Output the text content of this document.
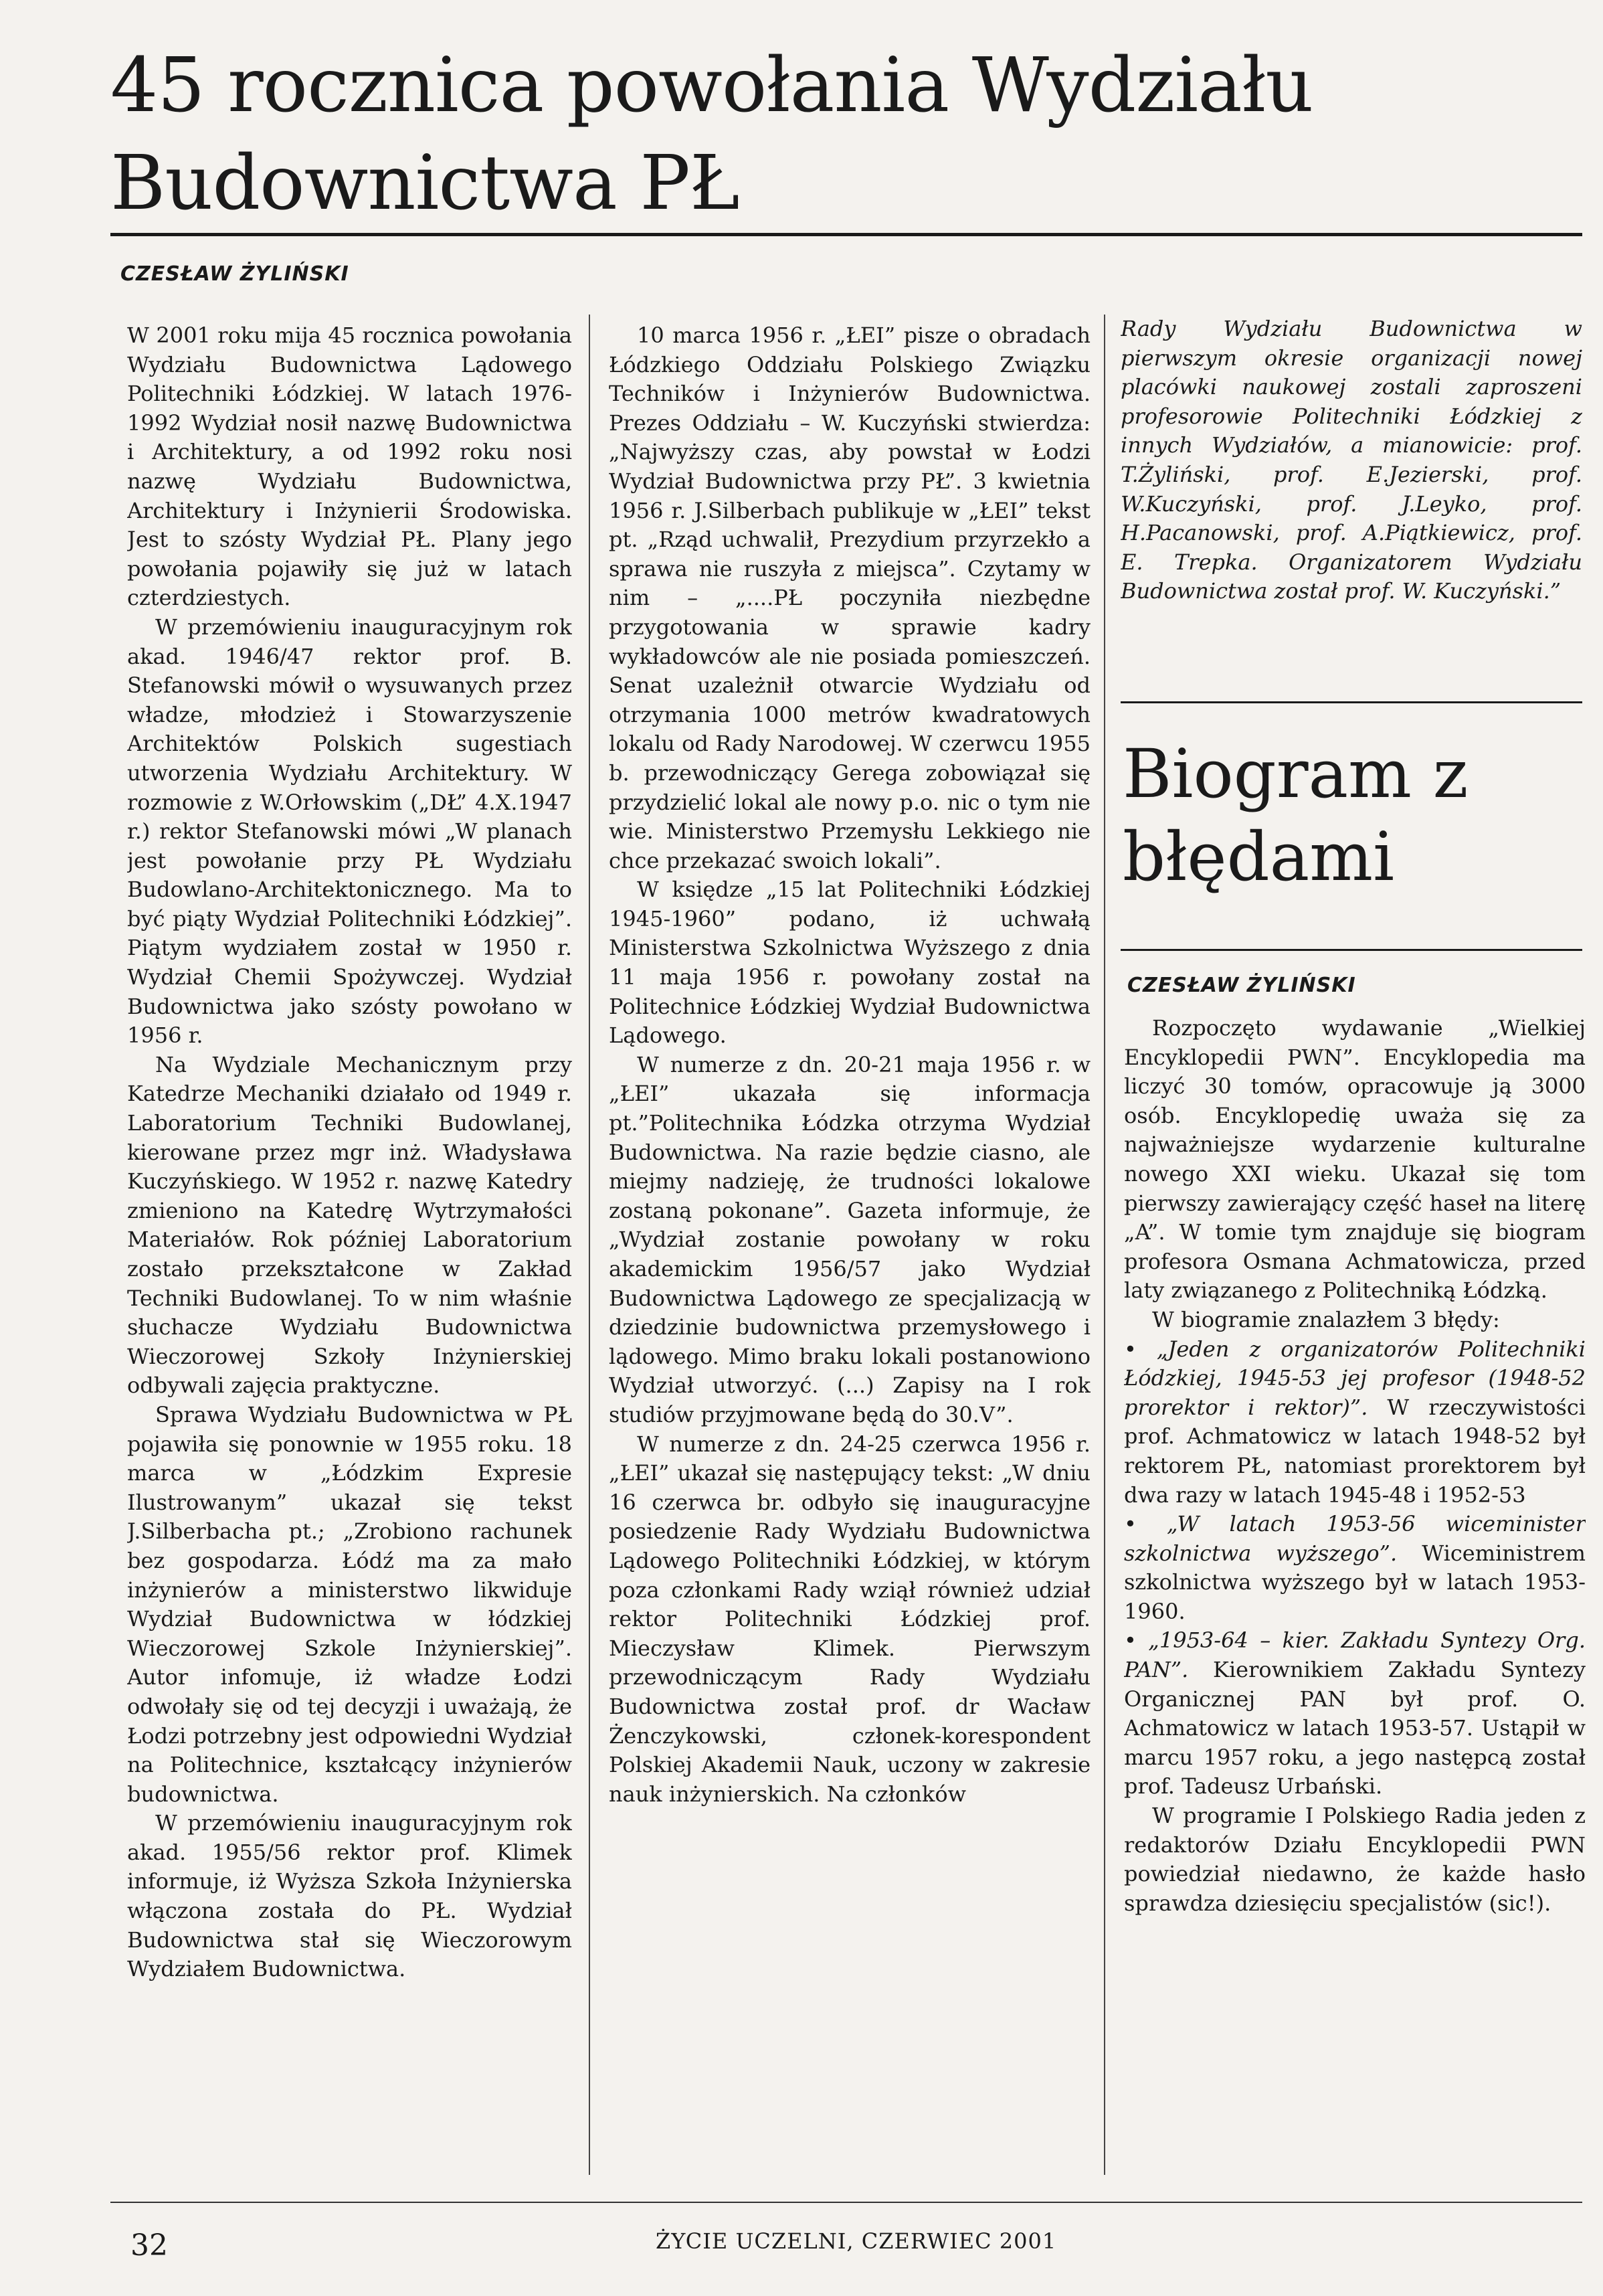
45 rocznica powołania Wydziału Budownictwa PŁ
CZESŁAW ŻYLIŃSKI

W 2001 roku mija 45 rocznica powołania Wydziału Budownictwa Lądowego Politechniki Łódzkiej. W latach 1976-1992 Wydział nosił nazwę Budownictwa i Architektury, a od 1992 roku nosi nazwę Wydziału Budownictwa, Architektury i Inżynierii Środowiska. Jest to szósty Wydział PŁ. Plany jego powołania pojawiły się już w latach czterdziestych.

W przemówieniu inauguracyjnym rok akad. 1946/47 rektor prof. B. Stefanowski mówił o wysuwanych przez władze, młodzież i Stowarzyszenie Architektów Polskich sugestiach utworzenia Wydziału Architektury. W rozmowie z W.Orłowskim („DŁ” 4.X.1947 r.) rektor Stefanowski mówi „W planach jest powołanie przy PŁ Wydziału Budowlano-Architektonicznego. Ma to być piąty Wydział Politechniki Łódzkiej”. Piątym wydziałem został w 1950 r. Wydział Chemii Spożywczej. Wydział Budownictwa jako szósty powołano w 1956 r.

Na Wydziale Mechanicznym przy Katedrze Mechaniki działało od 1949 r. Laboratorium Techniki Budowlanej, kierowane przez mgr inż. Władysława Kuczyńskiego. W 1952 r. nazwę Katedry zmieniono na Katedrę Wytrzymałości Materiałów. Rok później Laboratorium zostało przekształcone w Zakład Techniki Budowlanej. To w nim właśnie słuchacze Wydziału Budownictwa Wieczorowej Szkoły Inżynierskiej odbywali zajęcia praktyczne.

Sprawa Wydziału Budownictwa w PŁ pojawiła się ponownie w 1955 roku. 18 marca w „Łódzkim Expresie Ilustrowanym” ukazał się tekst J.Silberbacha pt.; „Zrobiono rachunek bez gospodarza. Łódź ma za mało inżynierów a ministerstwo likwiduje Wydział Budownictwa w łódzkiej Wieczorowej Szkole Inżynierskiej”. Autor infomuje, iż władze Łodzi odwołały się od tej decyzji i uważają, że Łodzi potrzebny jest odpowiedni Wydział na Politechnice, kształcący inżynierów budownictwa.

W przemówieniu inauguracyjnym rok akad. 1955/56 rektor prof. Klimek informuje, iż Wyższa Szkoła Inżynierska włączona została do PŁ. Wydział Budownictwa stał się Wieczorowym Wydziałem Budownictwa.

10 marca 1956 r. „ŁEI” pisze o obradach Łódzkiego Oddziału Polskiego Związku Techników i Inżynierów Budownictwa. Prezes Oddziału – W. Kuczyński stwierdza: „Najwyższy czas, aby powstał w Łodzi Wydział Budownictwa przy PŁ”. 3 kwietnia 1956 r. J.Silberbach publikuje w „ŁEI” tekst pt. „Rząd uchwalił, Prezydium przyrzekło a sprawa nie ruszyła z miejsca”. Czytamy w nim – „....PŁ poczyniła niezbędne przygotowania w sprawie kadry wykładowców ale nie posiada pomieszczeń. Senat uzależnił otwarcie Wydziału od otrzymania 1000 metrów kwadratowych lokalu od Rady Narodowej. W czerwcu 1955 b. przewodniczący Gerega zobowiązał się przydzielić lokal ale nowy p.o. nic o tym nie wie. Ministerstwo Przemysłu Lekkiego nie chce przekazać swoich lokali”.

W księdze „15 lat Politechniki Łódzkiej 1945-1960” podano, iż uchwałą Ministerstwa Szkolnictwa Wyższego z dnia 11 maja 1956 r. powołany został na Politechnice Łódzkiej Wydział Budownictwa Lądowego.

W numerze z dn. 20-21 maja 1956 r. w „ŁEI” ukazała się informacja pt.”Politechnika Łódzka otrzyma Wydział Budownictwa. Na razie będzie ciasno, ale miejmy nadzieję, że trudności lokalowe zostaną pokonane”. Gazeta informuje, że „Wydział zostanie powołany w roku akademickim 1956/57 jako Wydział Budownictwa Lądowego ze specjalizacją w dziedzinie budownictwa przemysłowego i lądowego. Mimo braku lokali postanowiono Wydział utworzyć. (...) Zapisy na I rok studiów przyjmowane będą do 30.V”.

W numerze z dn. 24-25 czerwca 1956 r. „ŁEI” ukazał się następujący tekst: „W dniu 16 czerwca br. odbyło się inauguracyjne posiedzenie Rady Wydziału Budownictwa Lądowego Politechniki Łódzkiej, w którym poza członkami Rady wziął również udział rektor Politechniki Łódzkiej prof. Mieczysław Klimek. Pierwszym przewodniczącym Rady Wydziału Budownictwa został prof. dr Wacław Żenczykowski, członek-korespondent Polskiej Akademii Nauk, uczony w zakresie nauk inżynierskich. Na członków

Rady Wydziału Budownictwa w pierwszym okresie organizacji nowej placówki naukowej zostali zaproszeni profesorowie Politechniki Łódzkiej z innych Wydziałów, a mianowicie: prof. T.Żyliński, prof. E.Jezierski, prof. W.Kuczyński, prof. J.Leyko, prof. H.Pacanowski, prof. A.Piątkiewicz, prof. E. Trepka. Organizatorem Wydziału Budownictwa został prof. W. Kuczyński.”

Biogram z błędami
CZESŁAW ŻYLIŃSKI

Rozpoczęto wydawanie „Wielkiej Encyklopedii PWN”. Encyklopedia ma liczyć 30 tomów, opracowuje ją 3000 osób. Encyklopedię uważa się za najważniejsze wydarzenie kulturalne nowego XXI wieku. Ukazał się tom pierwszy zawierający część haseł na literę „A”. W tomie tym znajduje się biogram profesora Osmana Achmatowicza, przed laty związanego z Politechniką Łódzką.

W biogramie znalazłem 3 błędy:

• „Jeden z organizatorów Politechniki Łódzkiej, 1945-53 jej profesor (1948-52 prorektor i rektor)”. W rzeczywistości prof. Achmatowicz w latach 1948-52 był rektorem PŁ, natomiast prorektorem był dwa razy w latach 1945-48 i 1952-53

• „W latach 1953-56 wiceminister szkolnictwa wyższego”. Wiceministrem szkolnictwa wyższego był w latach 1953-1960.

• „1953-64 – kier. Zakładu Syntezy Org. PAN”. Kierownikiem Zakładu Syntezy Organicznej PAN był prof. O. Achmatowicz w latach 1953-57. Ustąpił w marcu 1957 roku, a jego następcą został prof. Tadeusz Urbański.

W programie I Polskiego Radia jeden z redaktorów Działu Encyklopedii PWN powiedział niedawno, że każde hasło sprawdza dziesięciu specjalistów (sic!).

32	ŻYCIE UCZELNI, CZERWIEC 2001
